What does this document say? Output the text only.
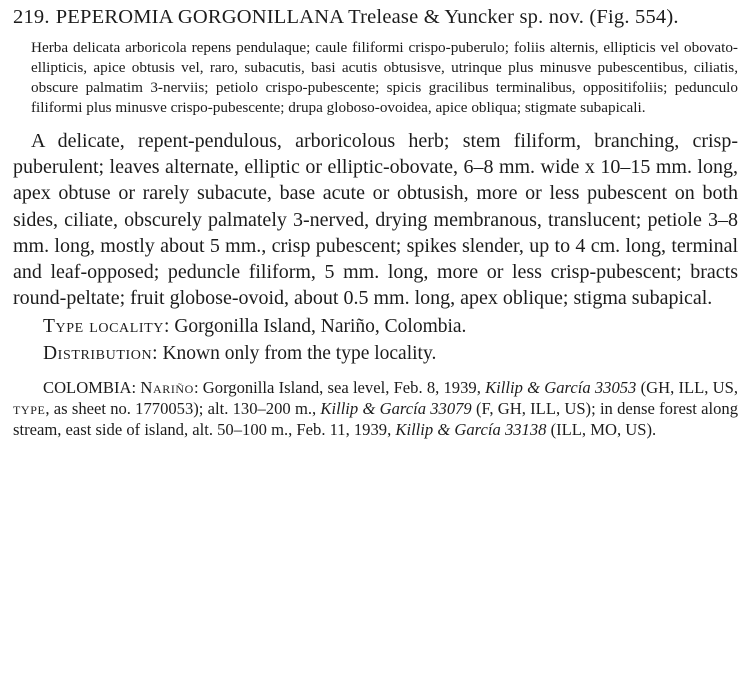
219. PEPEROMIA GORGONILLANA Trelease & Yuncker sp. nov. (Fig. 554).

Herba delicata arboricola repens pendulaque; caule filiformi crispo-puberulo; foliis alternis, ellipticis vel obovato-ellipticis, apice obtusis vel, raro, subacutis, basi acutis obtusisve, utrinque plus minusve pubescentibus, ciliatis, obscure palmatim 3-nerviis; petiolo crispo-pubescente; spicis gracilibus terminalibus, oppositifoliis; pedunculo filiformi plus minusve crispo-pubescente; drupa globoso-ovoidea, apice obliqua; stigmate subapicali.

A delicate, repent-pendulous, arboricolous herb; stem filiform, branching, crisp-puberulent; leaves alternate, elliptic or elliptic-obovate, 6–8 mm. wide x 10–15 mm. long, apex obtuse or rarely subacute, base acute or obtusish, more or less pubescent on both sides, ciliate, obscurely palmately 3-nerved, drying membranous, translucent; petiole 3–8 mm. long, mostly about 5 mm., crisp pubescent; spikes slender, up to 4 cm. long, terminal and leaf-opposed; peduncle filiform, 5 mm. long, more or less crisp-pubescent; bracts round-peltate; fruit globose-ovoid, about 0.5 mm. long, apex oblique; stigma subapical.

Type locality: Gorgonilla Island, Nariño, Colombia.

Distribution: Known only from the type locality.

COLOMBIA: Nariño: Gorgonilla Island, sea level, Feb. 8, 1939, Killip & García 33053 (GH, ILL, US, type, as sheet no. 1770053); alt. 130–200 m., Killip & García 33079 (F, GH, ILL, US); in dense forest along stream, east side of island, alt. 50–100 m., Feb. 11, 1939, Killip & García 33138 (ILL, MO, US).
